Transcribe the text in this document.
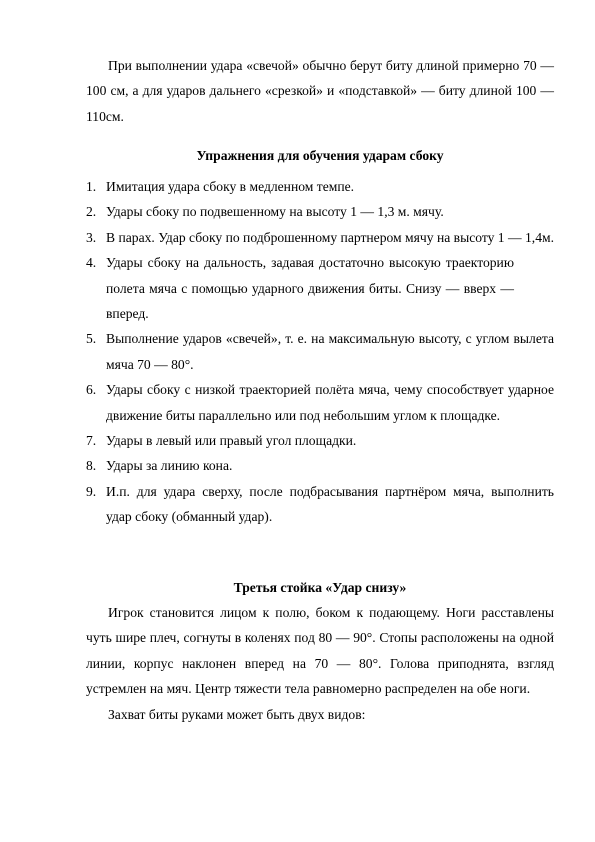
При выполнении удара «свечой» обычно берут биту длиной примерно 70 — 100 см, а для ударов дальнего «срезкой» и «подставкой» — биту длиной 100 — 110см.

Упражнения для обучения ударам сбоку
1. Имитация удара сбоку в медленном темпе.
2. Удары сбоку по подвешенному на высоту 1 — 1,3 м. мячу.
3. В парах. Удар сбоку по подброшенному партнером мячу на высоту 1 — 1,4м.
4. Удары сбоку на дальность, задавая достаточно высокую траекторию полета мяча с помощью ударного движения биты. Снизу — вверх — вперед.
5. Выполнение ударов «свечей», т. е. на максимальную высоту, с углом вылета мяча 70 — 80°.
6. Удары сбоку с низкой траекторией полёта мяча, чему способствует ударное движение биты параллельно или под небольшим углом к площадке.
7. Удары в левый или правый угол площадки.
8. Удары за линию кона.
9. И.п. для удара сверху, после подбрасывания партнёром мяча, выполнить удар сбоку (обманный удар).
Третья стойка «Удар снизу»

Игрок становится лицом к полю, боком к подающему. Ноги расставлены чуть шире плеч, согнуты в коленях под 80 — 90°. Стопы расположены на одной линии, корпус наклонен вперед на 70 — 80°. Голова приподнята, взгляд устремлен на мяч. Центр тяжести тела равномерно распределен на обе ноги.

Захват биты руками может быть двух видов:
